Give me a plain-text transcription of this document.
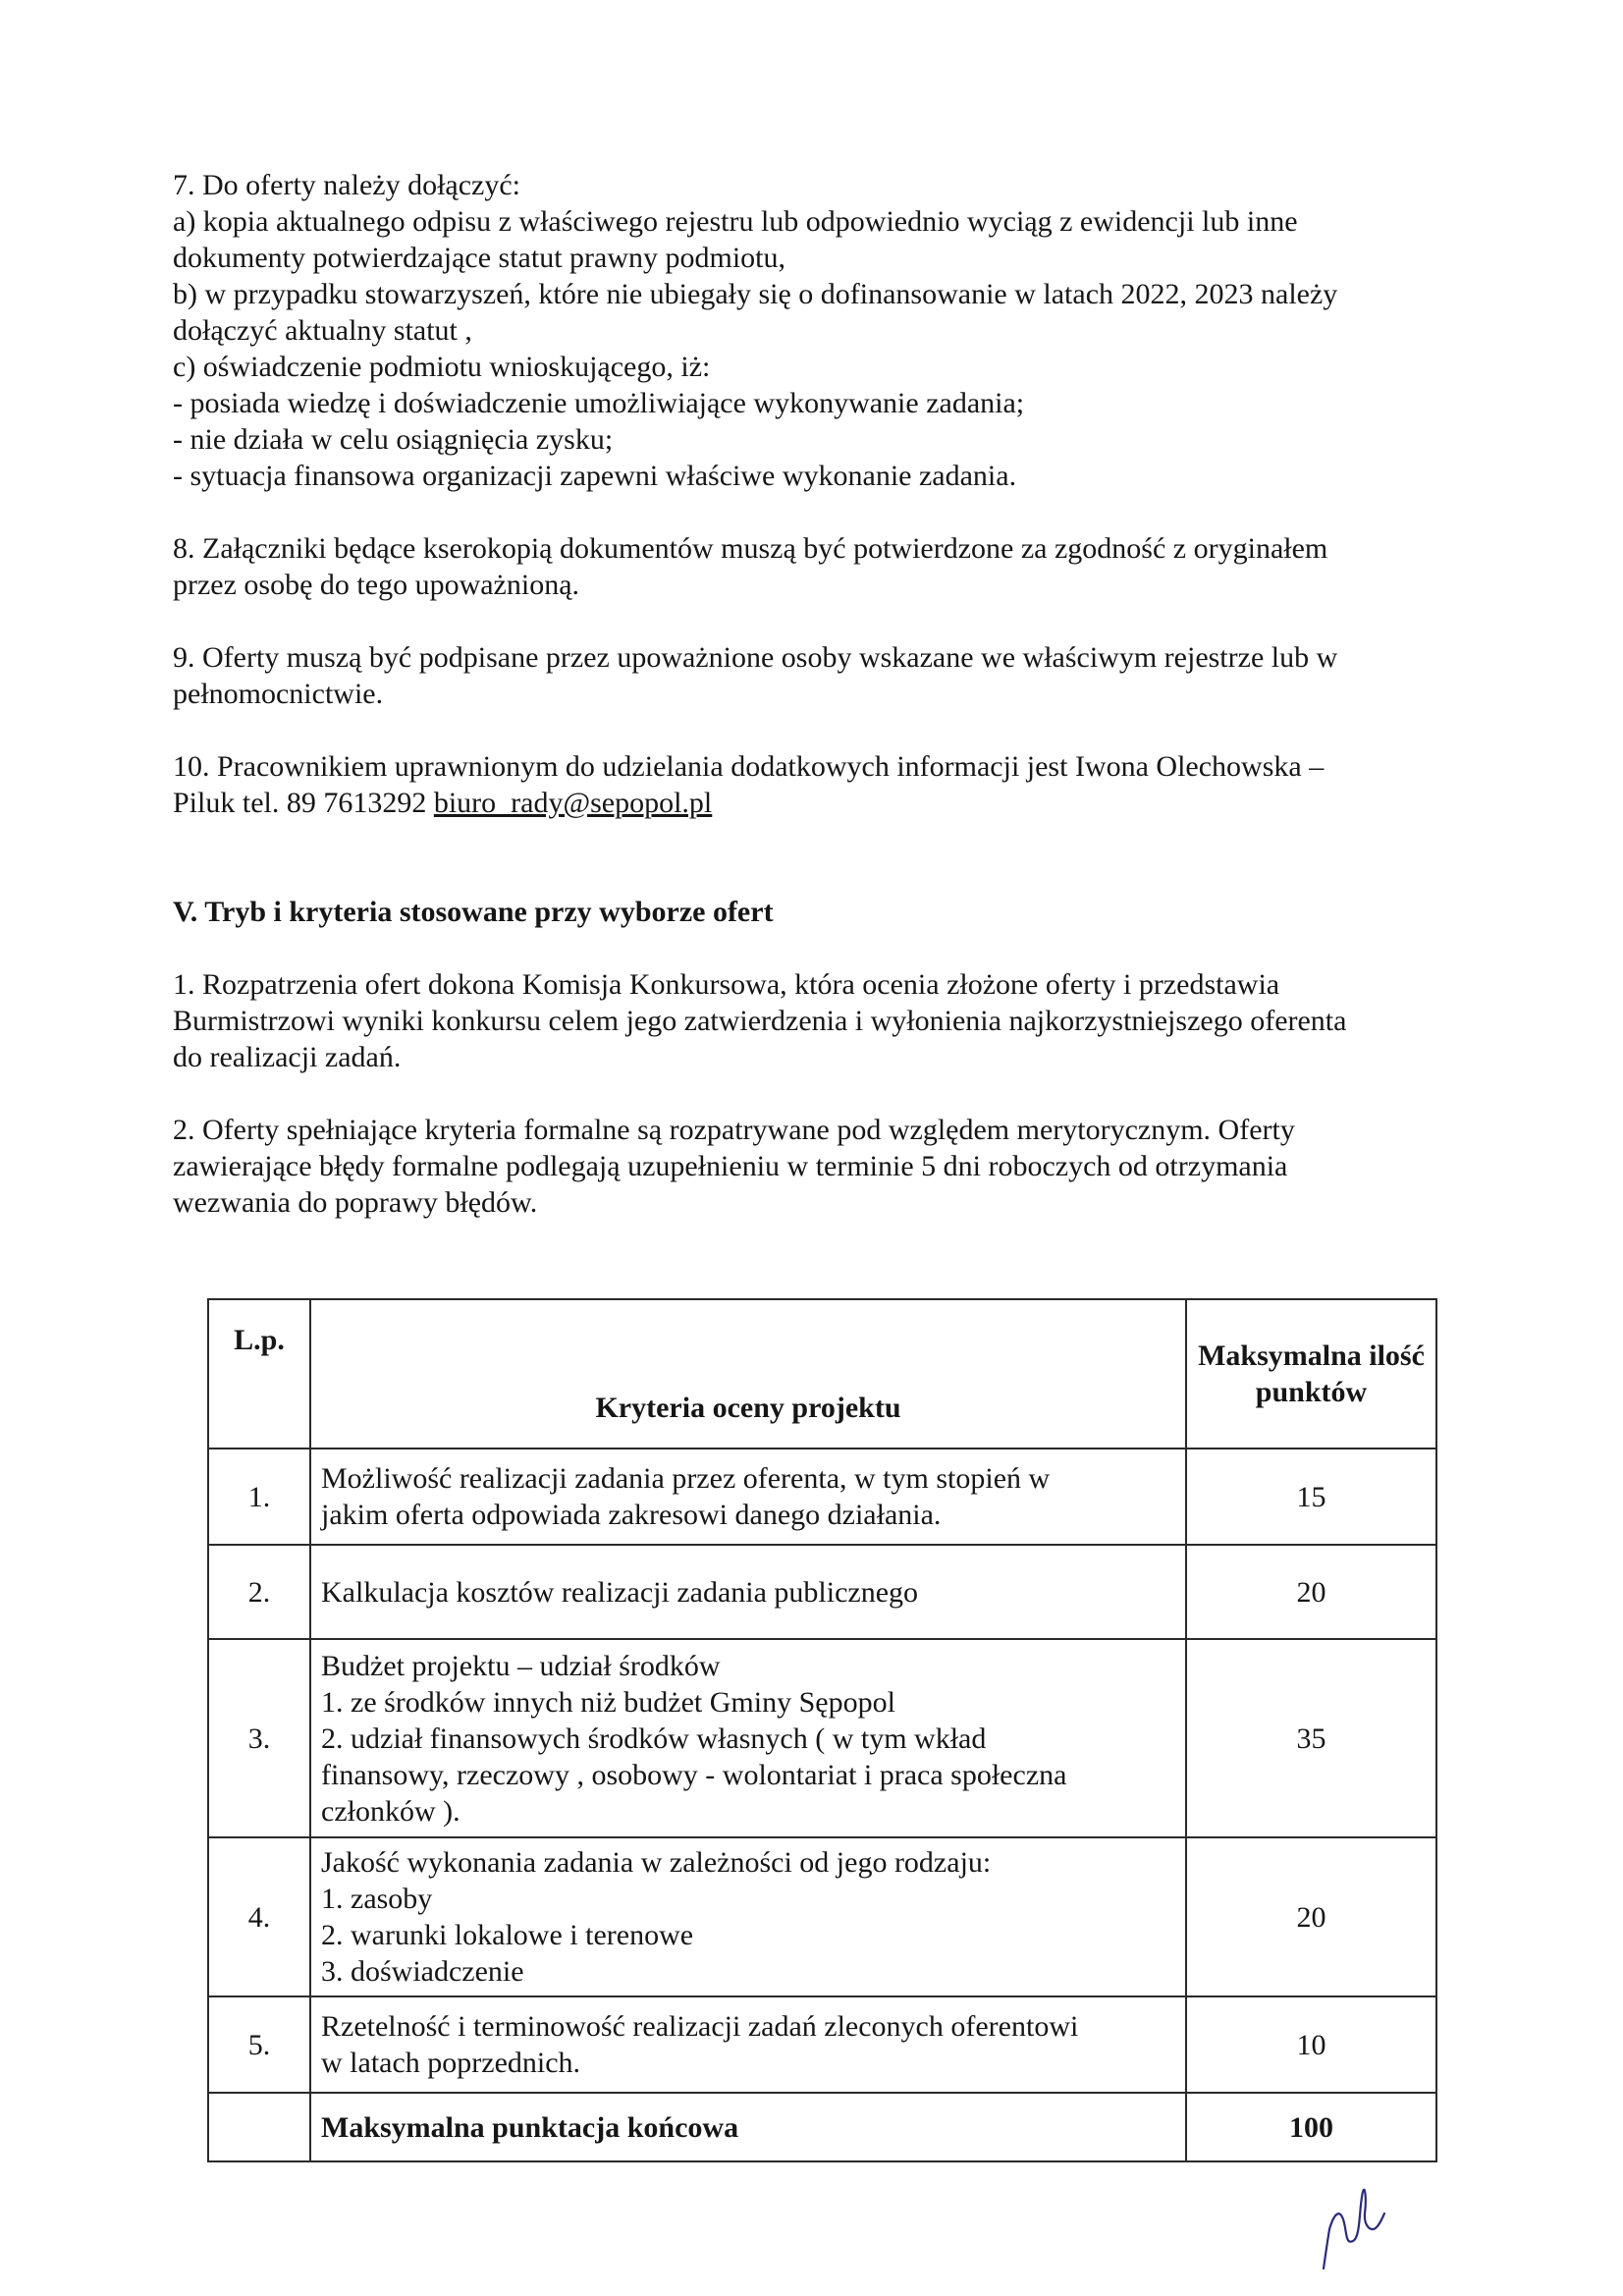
7. Do oferty należy dołączyć:
a) kopia aktualnego odpisu z właściwego rejestru lub odpowiednio wyciąg z ewidencji lub inne
dokumenty potwierdzające statut prawny podmiotu,
b) w przypadku stowarzyszeń, które nie ubiegały się o dofinansowanie w latach 2022, 2023 należy
dołączyć aktualny statut ,
c) oświadczenie podmiotu wnioskującego, iż:
- posiada wiedzę i doświadczenie umożliwiające wykonywanie zadania;
- nie działa w celu osiągnięcia zysku;
- sytuacja finansowa organizacji zapewni właściwe wykonanie zadania.

8. Załączniki będące kserokopią dokumentów muszą być potwierdzone za zgodność z oryginałem
przez osobę do tego upoważnioną.

9. Oferty muszą być podpisane przez upoważnione osoby wskazane we właściwym rejestrze lub w
pełnomocnictwie.

10. Pracownikiem uprawnionym do udzielania dodatkowych informacji jest Iwona Olechowska –
Piluk tel. 89 7613292 biuro_rady@sepopol.pl

V. Tryb i kryteria stosowane przy wyborze ofert

1. Rozpatrzenia ofert dokona Komisja Konkursowa, która ocenia złożone oferty i przedstawia
Burmistrzowi wyniki konkursu celem jego zatwierdzenia i wyłonienia najkorzystniejszego oferenta
do realizacji zadań.

2. Oferty spełniające kryteria formalne są rozpatrywane pod względem merytorycznym. Oferty
zawierające błędy formalne podlegają uzupełnieniu w terminie 5 dni roboczych od otrzymania
wezwania do poprawy błędów.

L.p.	Kryteria oceny projektu	Maksymalna ilość
punktów

1.	Możliwość realizacji zadania przez oferenta, w tym stopień w
jakim oferta odpowiada zakresowi danego działania.	15
2.	Kalkulacja kosztów realizacji zadania publicznego	20
3.	Budżet projektu – udział środków
1. ze środków innych niż budżet Gminy Sępopol
2. udział finansowych środków własnych ( w tym wkład
finansowy, rzeczowy , osobowy - wolontariat i praca społeczna
członków ).	35
4.	Jakość wykonania zadania w zależności od jego rodzaju:
1. zasoby
2. warunki lokalowe i terenowe
3. doświadczenie	20
5.	Rzetelność i terminowość realizacji zadań zleconych oferentowi
w latach poprzednich.	10
	Maksymalna punktacja końcowa	100
